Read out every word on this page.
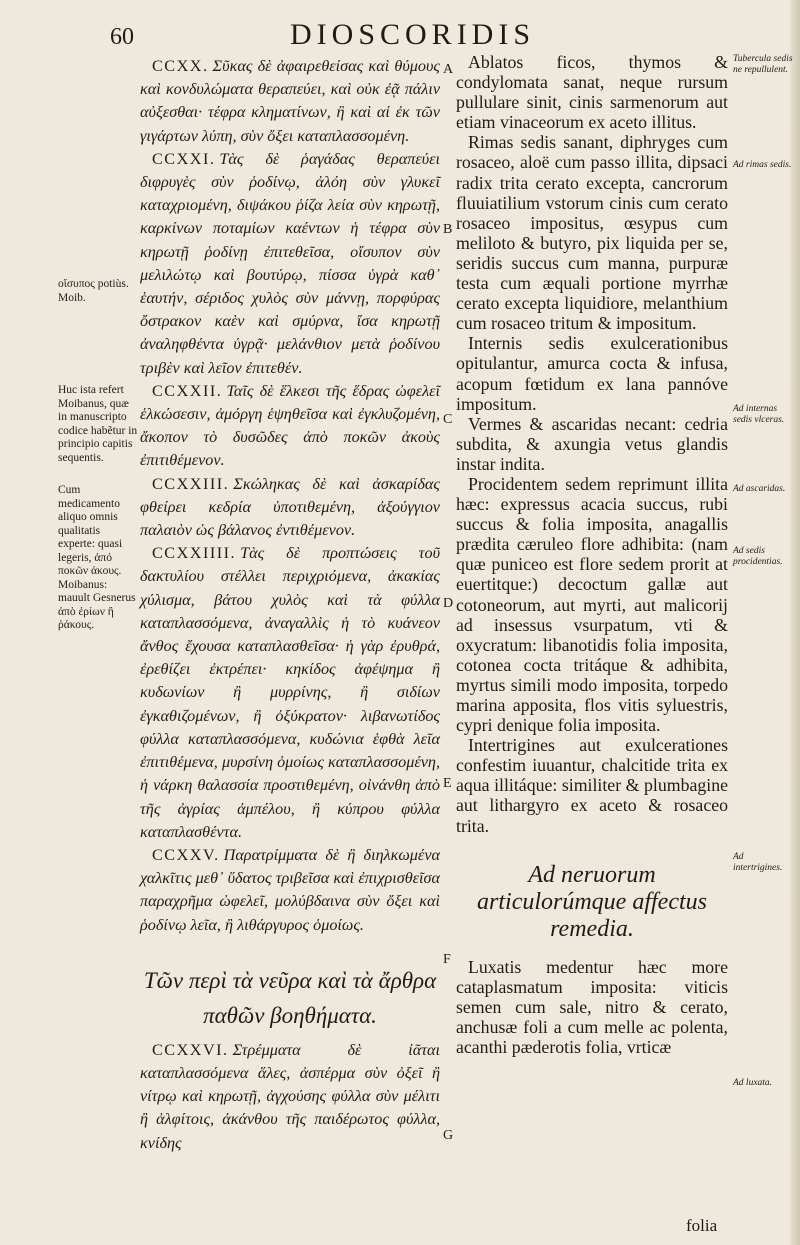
60	DIOSCORIDIS

CCXX. Σῦκας δὲ ἀφαιρεθείσας καὶ θύμους καὶ κονδυλώματα θεραπεύει, καὶ οὐκ ἐᾷ πάλιν αὐξεσθαι· τέφρα κληματίνων, ἢ καὶ αἱ ἐκ τῶν γιγάρτων λύπη, σὺν ὄξει καταπλασσομένη.

CCXXI. Τὰς δὲ ῥαγάδας θεραπεύει διφρυγὲς σὺν ῥοδίνῳ, ἀλόη σὺν γλυκεῖ καταχριομένη, διψάκου ῥίζα λεία σὺν κηρωτῇ, καρκίνων ποταμίων καέντων ἡ τέφρα σὺν κηρωτῇ ῥοδίνῃ ἐπιτεθεῖσα, οἴσυπον σὺν μελιλώτῳ καὶ βουτύρῳ, πίσσα ὑγρὰ καθ᾽ ἑαυτήν, σέριδος χυλὸς σὺν μάννῃ, πορφύρας ὄστρακον καὲν καὶ σμύρνα, ἴσα κηρωτῇ ἀναληφθέντα ὑγρᾷ· μελάνθιον μετὰ ῥοδίνου τριβὲν καὶ λεῖον ἐπιτεθέν.

CCXXII. Ταῖς δὲ ἕλκεσι τῆς ἕδρας ὠφελεῖ ἑλκώσεσιν, ἀμόργη ἑψηθεῖσα καὶ ἐγκλυζομένη, ἄκοπον τὸ δυσῶδες ἀπὸ ποκῶν ἀκοὺς ἐπιτιθέμενον.

CCXXIII. Σκώληκας δὲ καὶ ἀσκαρίδας φθείρει κεδρία ὑποτιθεμένη, ἀξούγγιον παλαιὸν ὡς βάλανος ἐντιθέμενον.

CCXXIIII. Τὰς δὲ προπτώσεις τοῦ δακτυλίου στέλλει περιχριόμενα, ἀκακίας χύλισμα, βάτου χυλὸς καὶ τὰ φύλλα καταπλασσόμενα, ἀναγαλλὶς ἡ τὸ κυάνεον ἄνθος ἔχουσα καταπλασθεῖσα· ἡ γὰρ ἐρυθρά, ἐρεθίζει ἐκτρέπει· κηκίδος ἀφέψημα ἢ κυδωνίων ἢ μυρρίνης, ἢ σιδίων ἐγκαθιζομένων, ἢ ὀξύκρατον· λιβανωτίδος φύλλα καταπλασσόμενα, κυδώνια ἑφθὰ λεῖα ἐπιτιθέμενα, μυρσίνη ὁμοίως καταπλασσομένη, ἡ νάρκη θαλασσία προστιθεμένη, οἰνάνθη ἀπὸ τῆς ἀγρίας ἀμπέλου, ἢ κύπρου φύλλα καταπλασθέντα.

CCXXV. Παρατρίμματα δὲ ἢ διηλκωμένα χαλκῖτις μεθ᾽ ὕδατος τριβεῖσα καὶ ἐπιχρισθεῖσα παραχρῆμα ὠφελεῖ, μολύβδαινα σὺν ὄξει καὶ ῥοδίνῳ λεῖα, ἢ λιθάργυρος ὁμοίως.

Τῶν περὶ τὰ νεῦρα καὶ τὰ ἄρθρα παθῶν βοηθήματα.

CCXXVI. Στρέμματα δὲ ἰᾶται καταπλασσόμενα ἅλες, ἀσπέρμα σὺν ὀξεῖ ἢ νίτρῳ καὶ κηρωτῇ, ἀγχούσης φύλλα σὺν μέλιτι ἢ ἀλφίτοις, ἀκάνθου τῆς παιδέρωτος φύλλα, κνίδης

Ablatos ficos, thymos & condylomata sanat, neque rursum pullulare sinit, cinis sarmenorum aut etiam vinaceorum ex aceto illitus.

Rimas sedis sanant, diphryges cum rosaceo, aloë cum passo illita, dipsaci radix trita cerato excepta, cancrorum fluuiatilium vstorum cinis cum cerato rosaceo impositus, œsypus cum meliloto & butyro, pix liquida per se, seridis succus cum manna, purpuræ testa cum æquali portione myrrhæ cerato excepta liquidiore, melanthium cum rosaceo tritum & impositum.

Internis sedis exulcerationibus opitulantur, amurca cocta & infusa, acopum fœtidum ex lana pannóve impositum.

Vermes & ascaridas necant: cedria subdita, & axungia vetus glandis instar indita.

Procidentem sedem reprimunt illita hæc: expressus acacia succus, rubi succus & folia imposita, anagallis prædita cæruleo flore adhibita: (nam quæ puniceo est flore sedem prorit at euertitque:) decoctum gallæ aut cotoneorum, aut myrti, aut malicorij ad insessus vsurpatum, vti & oxycratum: libanotidis folia imposita, cotonea cocta tritáque & adhibita, myrtus simili modo imposita, torpedo marina apposita, flos vitis syluestris, cypri denique folia imposita.

Intertrigines aut exulcerationes confestim iuuantur, chalcitide trita ex aqua illitáque: similiter & plumbagine aut lithargyro ex aceto & rosaceo trita.

Ad neruorum articulorúmque affectus remedia.

Luxatis medentur hæc more cataplasmatum imposita: viticis semen cum sale, nitro & cerato, anchusæ foli a cum melle ac polenta, acanthi pæderotis folia, vrticæ

folia
A
B
C
D
E
F
G
οἴσυπος potiùs. Moib.
Huc ista refert Moibanus, quæ in manuscripto codice habẽtur in principio capitis sequentis.
Cum medicamento aliquo omnis qualitatis experte: quasi legeris, ἀπό ποκῶν ἀκους. Moibanus: mauult Gesnerus ἀπὸ ἐρίων ἢ ῥάκους.
Tubercula sedis ne repullulent.
Ad rimas sedis.
Ad internas sedis vlceras.
Ad ascaridas.
Ad sedis procidentias.
Ad intertrigines.
Ad luxata.
